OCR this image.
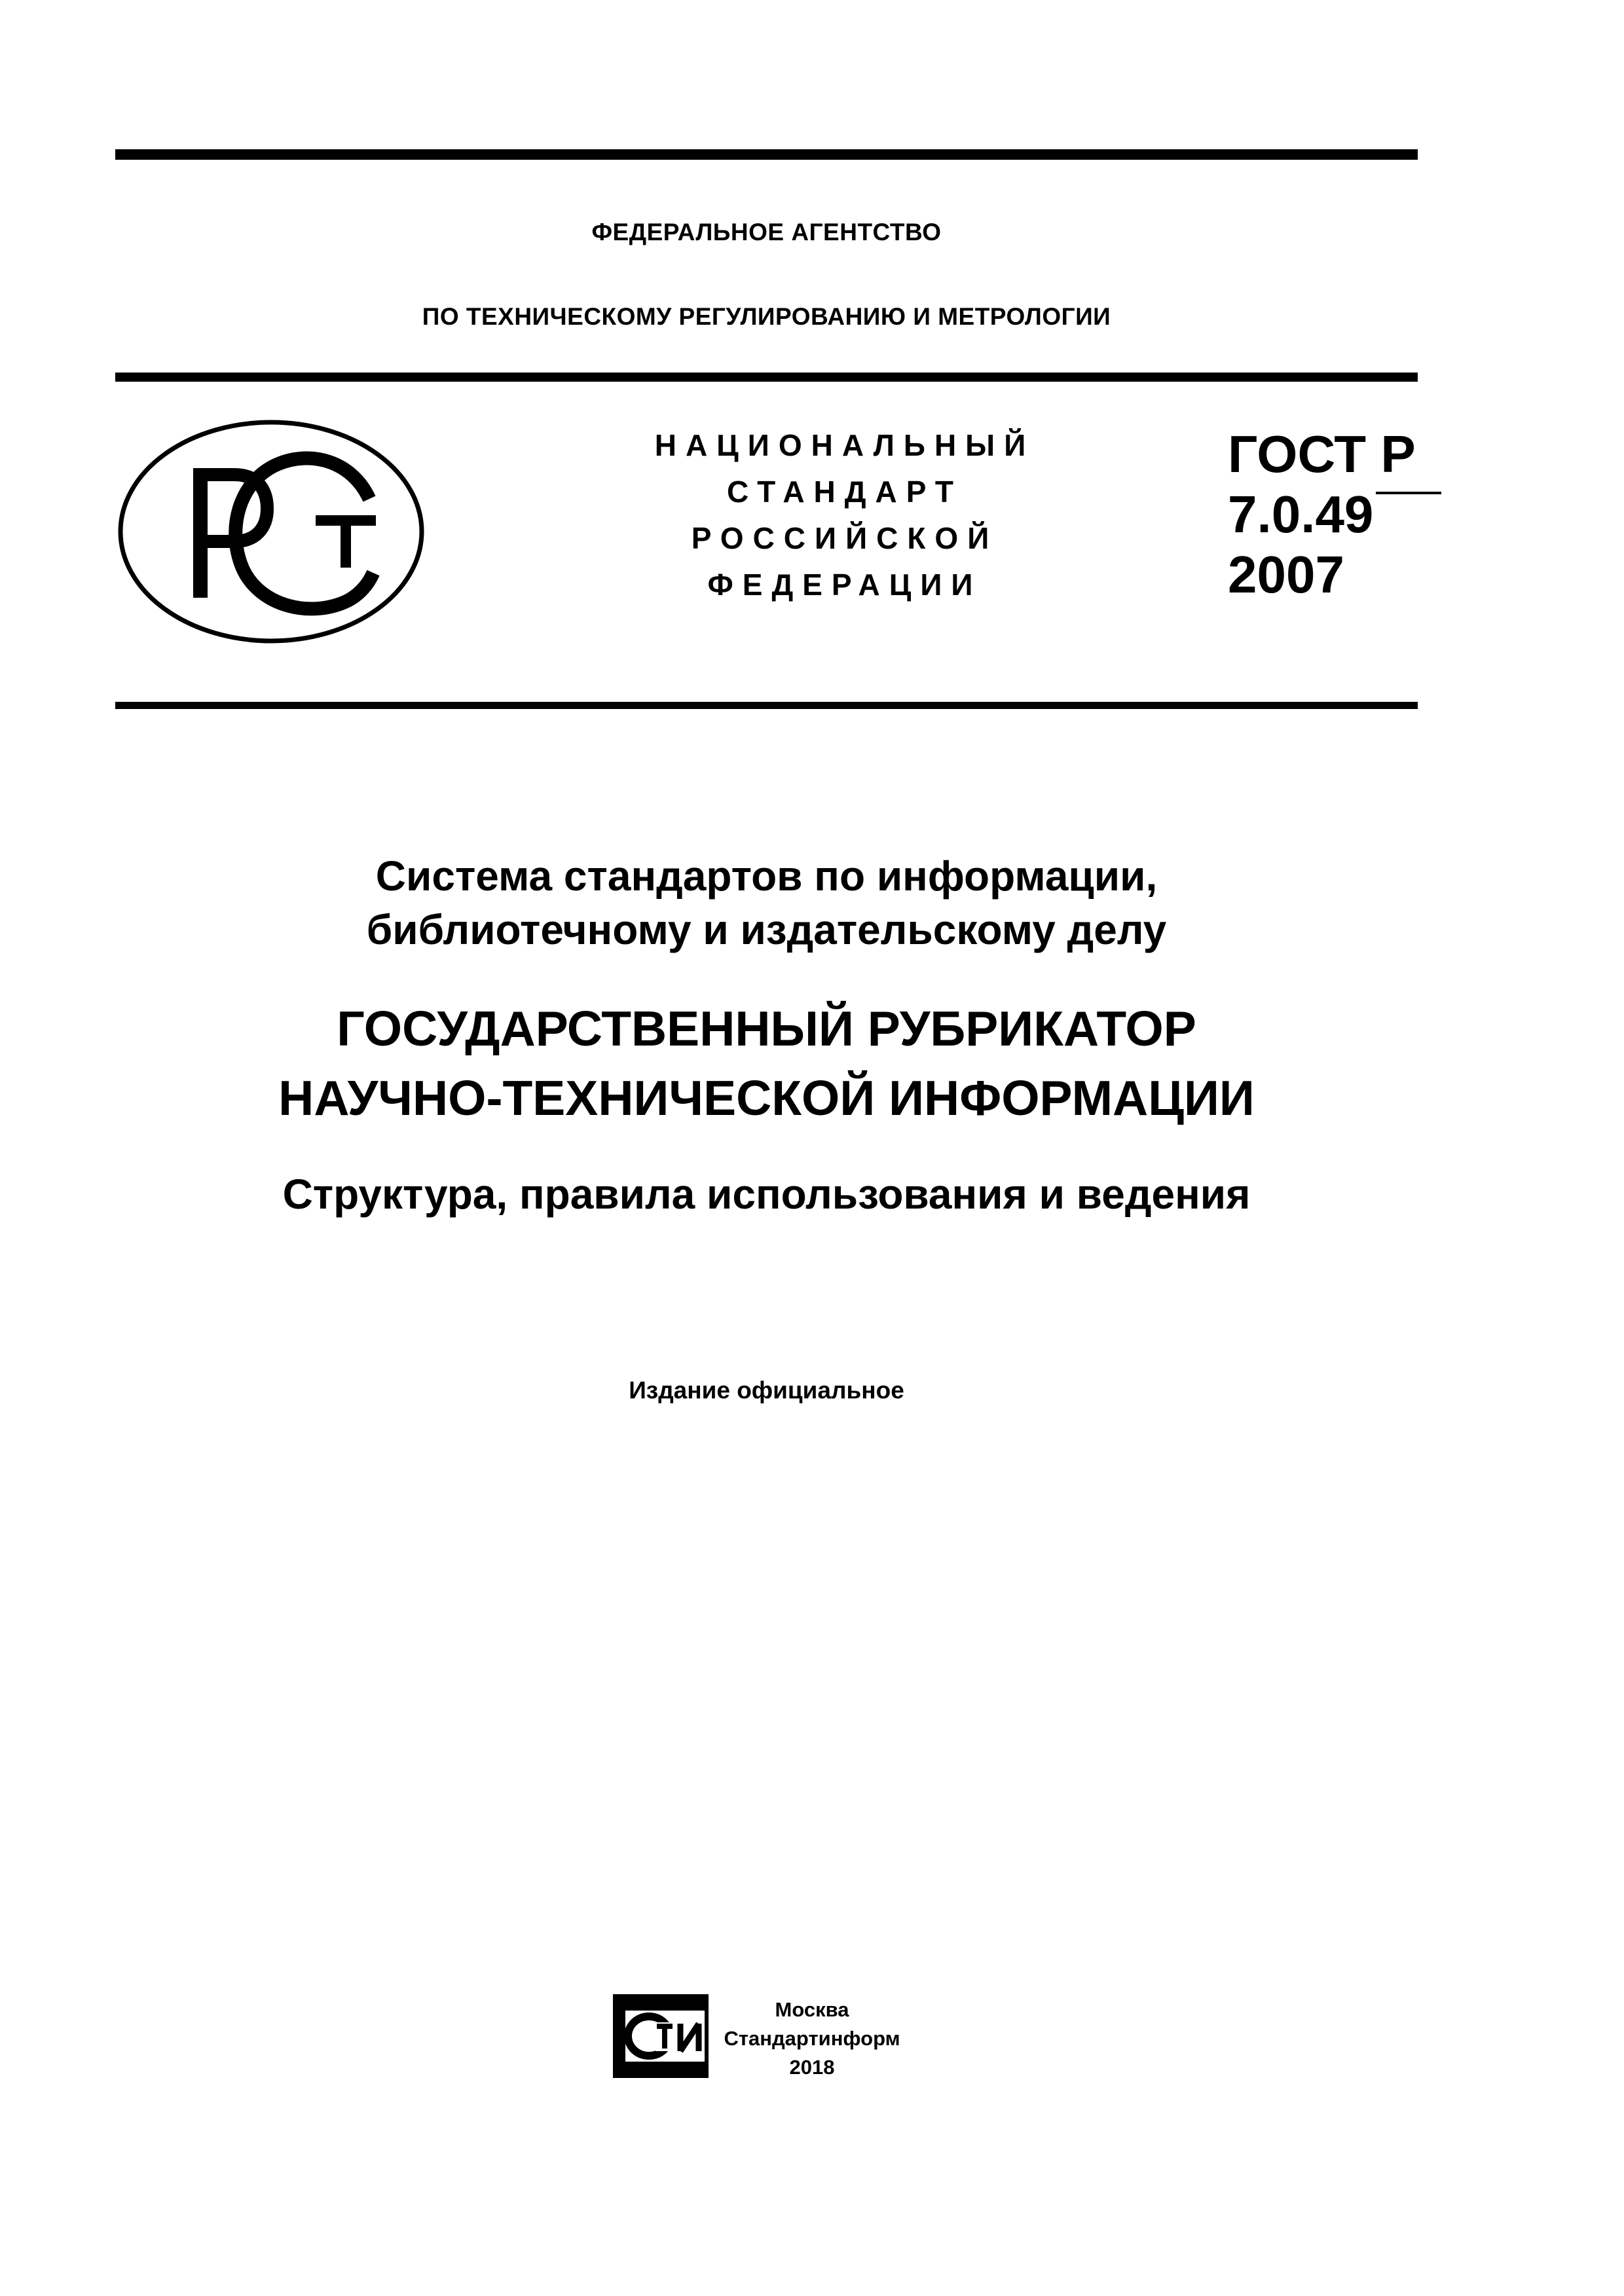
ФЕДЕРАЛЬНОЕ АГЕНТСТВО
ПО ТЕХНИЧЕСКОМУ РЕГУЛИРОВАНИЮ И МЕТРОЛОГИИ
НАЦИОНАЛЬНЫЙ
СТАНДАРТ
РОССИЙСКОЙ
ФЕДЕРАЦИИ
ГОСТ Р
7.0.49
2007
Система стандартов по информации,
библиотечному и издательскому делу
ГОСУДАРСТВЕННЫЙ РУБРИКАТОР
НАУЧНО-ТЕХНИЧЕСКОЙ ИНФОРМАЦИИ
Структура, правила использования и ведения
Издание официальное
Москва
Стандартинформ
2018
